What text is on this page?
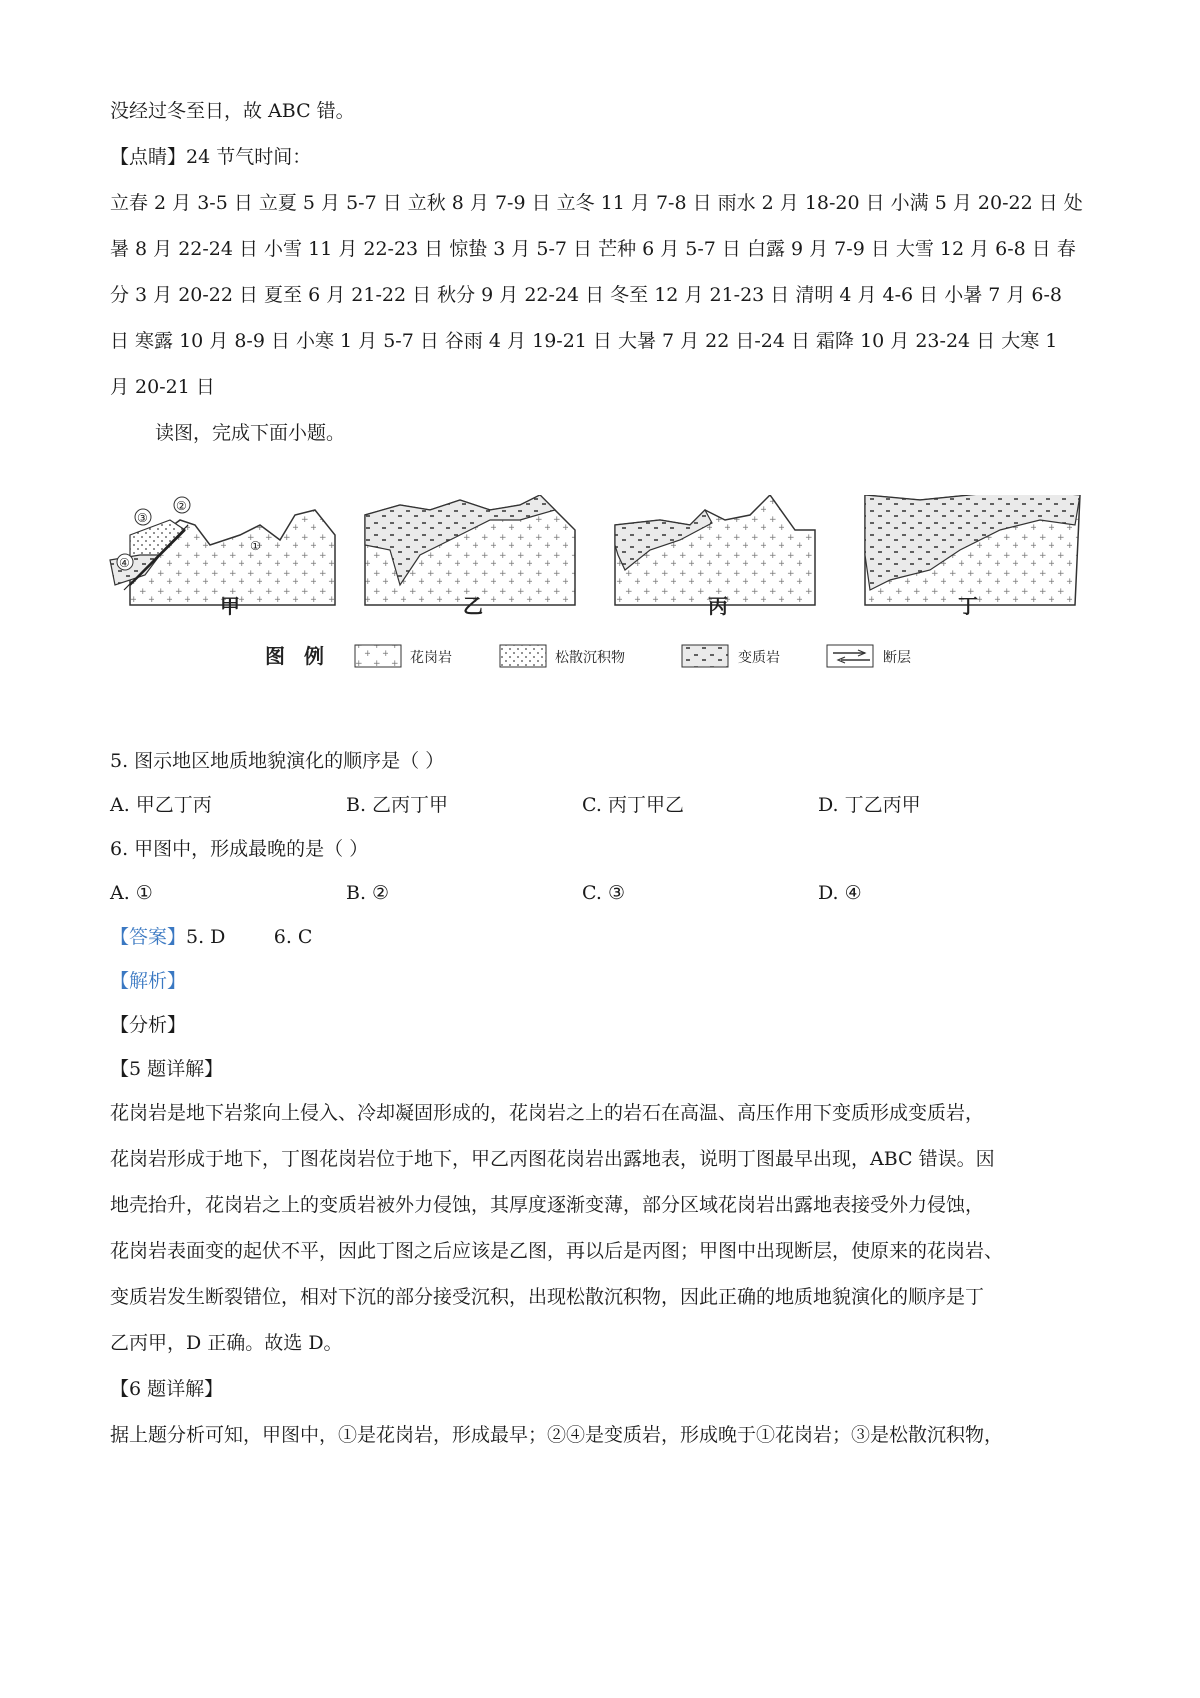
没经过冬至日，故 ABC 错。
【点睛】24 节气时间：
立春 2 月 3-5 日 立夏 5 月 5-7 日 立秋 8 月 7-9 日 立冬 11 月 7-8 日 雨水 2 月 18-20 日 小满 5 月 20-22 日 处
暑 8 月 22-24 日 小雪 11 月 22-23 日 惊蛰 3 月 5-7 日 芒种 6 月 5-7 日 白露 9 月 7-9 日 大雪 12 月 6-8 日 春
分 3 月 20-22 日 夏至 6 月 21-22 日 秋分 9 月 22-24 日 冬至 12 月 21-23 日 清明 4 月 4-6 日 小暑 7 月 6-8
日 寒露 10 月 8-9 日 小寒 1 月 5-7 日 谷雨 4 月 19-21 日 大暑 7 月 22 日-24 日 霜降 10 月 23-24 日 大寒 1
月 20-21 日
读图，完成下面小题。
③
②
④
①
甲	乙	丙	丁
图 例	花岗岩	松散沉积物	变质岩	断层
5. 图示地区地质地貌演化的顺序是（ ）
A. 甲乙丁丙	B. 乙丙丁甲	C. 丙丁甲乙	D. 丁乙丙甲
6. 甲图中，形成最晚的是（ ）
A. ①	B. ②	C. ③	D. ④
【答案】5. D        6. C
【解析】
【分析】
【5 题详解】
花岗岩是地下岩浆向上侵入、冷却凝固形成的，花岗岩之上的岩石在高温、高压作用下变质形成变质岩，
花岗岩形成于地下，丁图花岗岩位于地下，甲乙丙图花岗岩出露地表，说明丁图最早出现，ABC 错误。因
地壳抬升，花岗岩之上的变质岩被外力侵蚀，其厚度逐渐变薄，部分区域花岗岩出露地表接受外力侵蚀，
花岗岩表面变的起伏不平，因此丁图之后应该是乙图，再以后是丙图；甲图中出现断层，使原来的花岗岩、
变质岩发生断裂错位，相对下沉的部分接受沉积，出现松散沉积物，因此正确的地质地貌演化的顺序是丁
乙丙甲，D 正确。故选 D。
【6 题详解】
据上题分析可知，甲图中，①是花岗岩，形成最早；②④是变质岩，形成晚于①花岗岩；③是松散沉积物，
